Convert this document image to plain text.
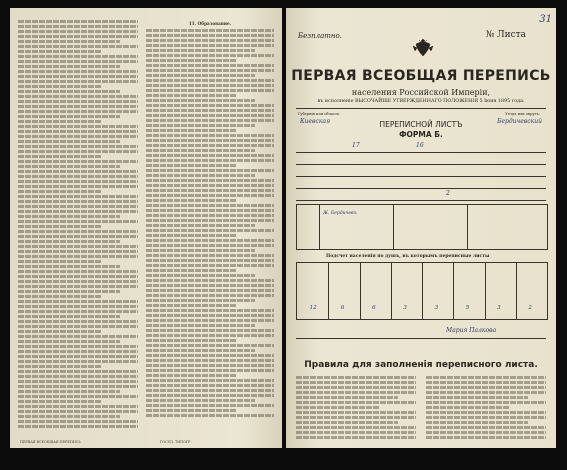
11. Образование.
ПЕРВАЯ ВСЕОБЩАЯ ПЕРЕПИСЬ	ГОСУД. ТИПОГР.
31
Безплатно.	№ Листа
ПЕРВАЯ ВСЕОБЩАЯ ПЕРЕПИСЬ
населения Российской Имперiи,
въ исполненiе ВЫСОЧАЙШЕ УТВЕРЖДЕННАГО ПОЛОЖЕНIЯ 5 Iюня 1895 года.
Губернiя или область:
Киевская
Уездъ или округъ:
Бердичевский
ПЕРЕПИСНОЙ ЛИСТЪ
ФОРМА Б.
17	16
2
Ж. Бердичевъ
Подсчет населенiя по душъ, въ которымъ переписные листы
12	6	6	3	3	5	3	2
Мария Палкова
Правила для заполненiя переписного листа.
